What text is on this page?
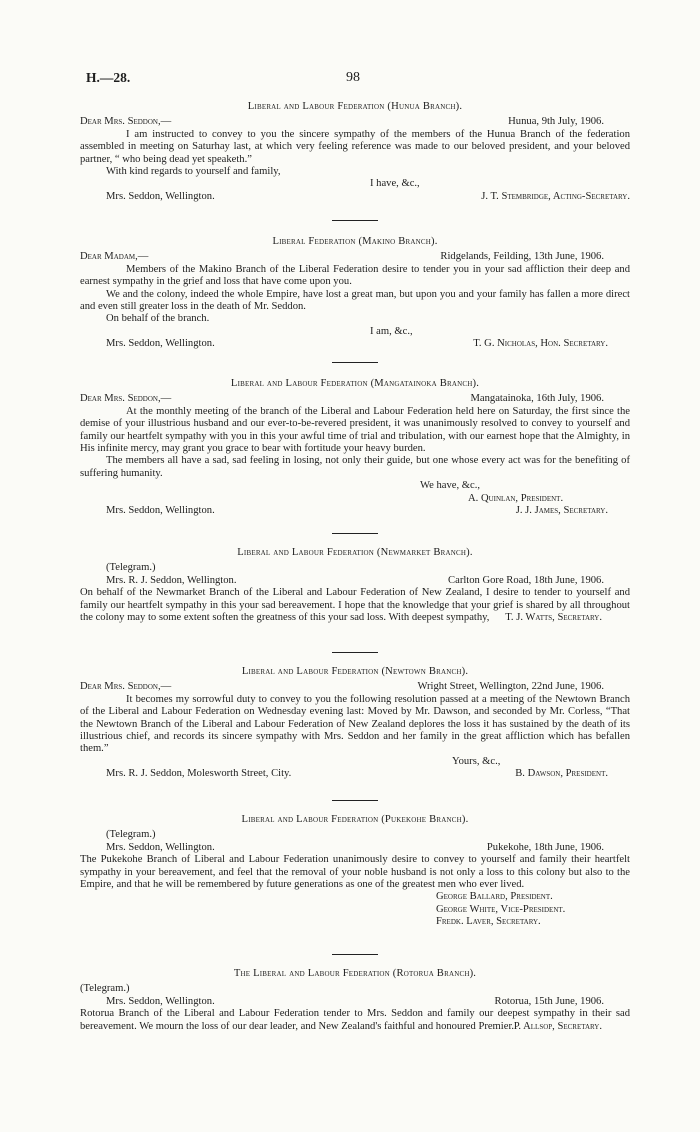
H.—28.	98
Liberal and Labour Federation (Hunua Branch).
Dear Mrs. Seddon,—	Hunua, 9th July, 1906.
I am instructed to convey to you the sincere sympathy of the members of the Hunua Branch of the federation assembled in meeting on Saturhay last, at which very feeling reference was made to our beloved president, and your beloved partner, “ who being dead yet speaketh.”
With kind regards to yourself and family,
I have, &c.,
Mrs. Seddon, Wellington.	J. T. Stembridge, Acting-Secretary.
Liberal Federation (Makino Branch).
Dear Madam,—	Ridgelands, Feilding, 13th June, 1906.
Members of the Makino Branch of the Liberal Federation desire to tender you in your sad affliction their deep and earnest sympathy in the grief and loss that have come upon you.
We and the colony, indeed the whole Empire, have lost a great man, but upon you and your family has fallen a more direct and even still greater loss in the death of Mr. Seddon.
On behalf of the branch.
I am, &c.,
Mrs. Seddon, Wellington.	T. G. Nicholas, Hon. Secretary.
Liberal and Labour Federation (Mangatainoka Branch).
Dear Mrs. Seddon,—	Mangatainoka, 16th July, 1906.
At the monthly meeting of the branch of the Liberal and Labour Federation held here on Saturday, the first since the demise of your illustrious husband and our ever-to-be-revered president, it was unanimously resolved to convey to yourself and family our heartfelt sympathy with you in this your awful time of trial and tribulation, with our earnest hope that the Almighty, in His infinite mercy, may grant you grace to bear with fortitude your heavy burden.
The members all have a sad, sad feeling in losing, not only their guide, but one whose every act was for the benefiting of suffering humanity.
We have, &c.,
A. Quinlan, President.
Mrs. Seddon, Wellington.	J. J. James, Secretary.
Liberal and Labour Federation (Newmarket Branch).
(Telegram.)
Mrs. R. J. Seddon, Wellington.	Carlton Gore Road, 18th June, 1906.
On behalf of the Newmarket Branch of the Liberal and Labour Federation of New Zealand, I desire to tender to yourself and family our heartfelt sympathy in this your sad bereavement. I hope that the knowledge that your grief is shared by all throughout the colony may to some extent soften the greatness of this your sad loss. With deepest sympathy,	T. J. Watts, Secretary.
Liberal and Labour Federation (Newtown Branch).
Dear Mrs. Seddon,—	Wright Street, Wellington, 22nd June, 1906.
It becomes my sorrowful duty to convey to you the following resolution passed at a meeting of the Newtown Branch of the Liberal and Labour Federation on Wednesday evening last: Moved by Mr. Dawson, and seconded by Mr. Corless, “That the Newtown Branch of the Liberal and Labour Federation of New Zealand deplores the loss it has sustained by the death of its illustrious chief, and records its sincere sympathy with Mrs. Seddon and her family in the great affliction which has befallen them.”
Yours, &c.,
Mrs. R. J. Seddon, Molesworth Street, City.	B. Dawson, President.
Liberal and Labour Federation (Pukekohe Branch).
(Telegram.)
Mrs. Seddon, Wellington.	Pukekohe, 18th June, 1906.
The Pukekohe Branch of Liberal and Labour Federation unanimously desire to convey to yourself and family their heartfelt sympathy in your bereavement, and feel that the removal of your noble husband is not only a loss to this colony but also to the Empire, and that he will be remembered by future generations as one of the greatest men who ever lived.
George Ballard, President.
George White, Vice-President.
Fredk. Laver, Secretary.
The Liberal and Labour Federation (Rotorua Branch).
(Telegram.)
Mrs. Seddon, Wellington.	Rotorua, 15th June, 1906.
Rotorua Branch of the Liberal and Labour Federation tender to Mrs. Seddon and family our deepest sympathy in their sad bereavement. We mourn the loss of our dear leader, and New Zealand's faithful and honoured Premier. P. Allsop, Secretary.
